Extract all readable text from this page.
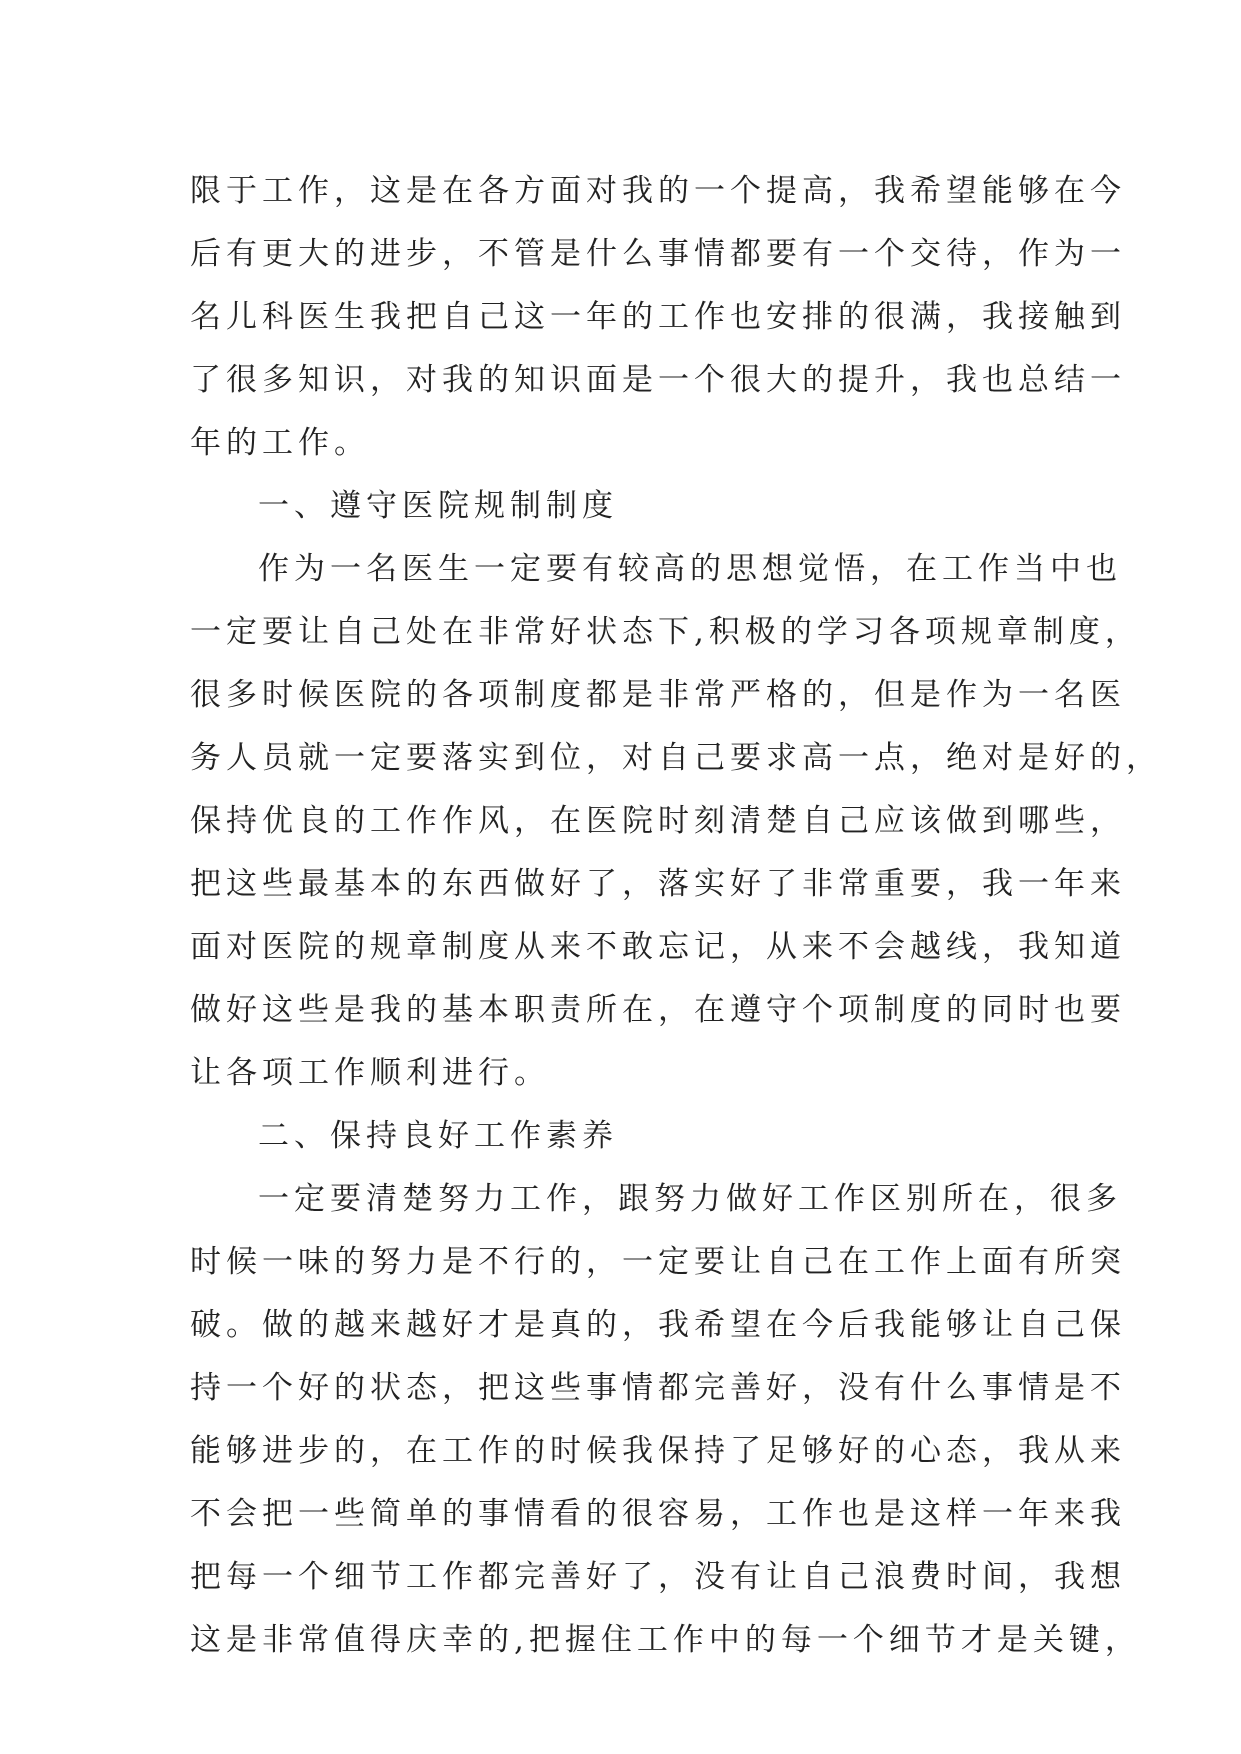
限于工作，这是在各方面对我的一个提高，我希望能够在今
后有更大的进步，不管是什么事情都要有一个交待，作为一
名儿科医生我把自己这一年的工作也安排的很满，我接触到
了很多知识，对我的知识面是一个很大的提升，我也总结一
年的工作。
一、遵守医院规制制度
作为一名医生一定要有较高的思想觉悟，在工作当中也
一定要让自己处在非常好状态下,积极的学习各项规章制度，
很多时候医院的各项制度都是非常严格的，但是作为一名医
务人员就一定要落实到位，对自己要求高一点，绝对是好的，
保持优良的工作作风，在医院时刻清楚自己应该做到哪些，
把这些最基本的东西做好了，落实好了非常重要，我一年来
面对医院的规章制度从来不敢忘记，从来不会越线，我知道
做好这些是我的基本职责所在，在遵守个项制度的同时也要
让各项工作顺利进行。
二、保持良好工作素养
一定要清楚努力工作，跟努力做好工作区别所在，很多
时候一味的努力是不行的，一定要让自己在工作上面有所突
破。做的越来越好才是真的，我希望在今后我能够让自己保
持一个好的状态，把这些事情都完善好，没有什么事情是不
能够进步的，在工作的时候我保持了足够好的心态，我从来
不会把一些简单的事情看的很容易，工作也是这样一年来我
把每一个细节工作都完善好了，没有让自己浪费时间，我想
这是非常值得庆幸的,把握住工作中的每一个细节才是关键，
